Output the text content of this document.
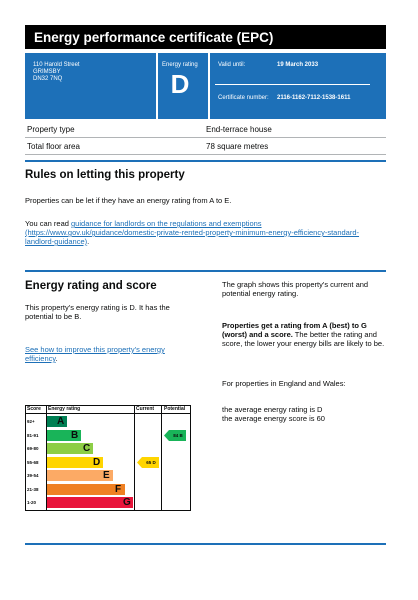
Energy performance certificate (EPC)
110 Harold Street
GRIMSBY
DN32 7NQ
Energy rating
D
Valid until:	19 March 2033
Certificate number: 2116-1162-7112-1538-1611
Property type	End-terrace house
Total floor area	78 square metres
Rules on letting this property
Properties can be let if they have an energy rating from A to E.
You can read guidance for landlords on the regulations and exemptions (https://www.gov.uk/guidance/domestic-private-rented-property-minimum-energy-efficiency-standard-landlord-guidance).
Energy rating and score
This property's energy rating is D. It has the potential to be B.
See how to improve this property's energy efficiency.
The graph shows this property's current and potential energy rating.
Properties get a rating from A (best) to G (worst) and a score. The better the rating and score, the lower your energy bills are likely to be.
For properties in England and Wales:
the average energy rating is D
the average energy score is 60
Score Energy rating	Current Potential
92+ A
81-91	B
69-80	C
55-68	D
39-54	E
21-38	F
1-20	G
65 D
84 B
